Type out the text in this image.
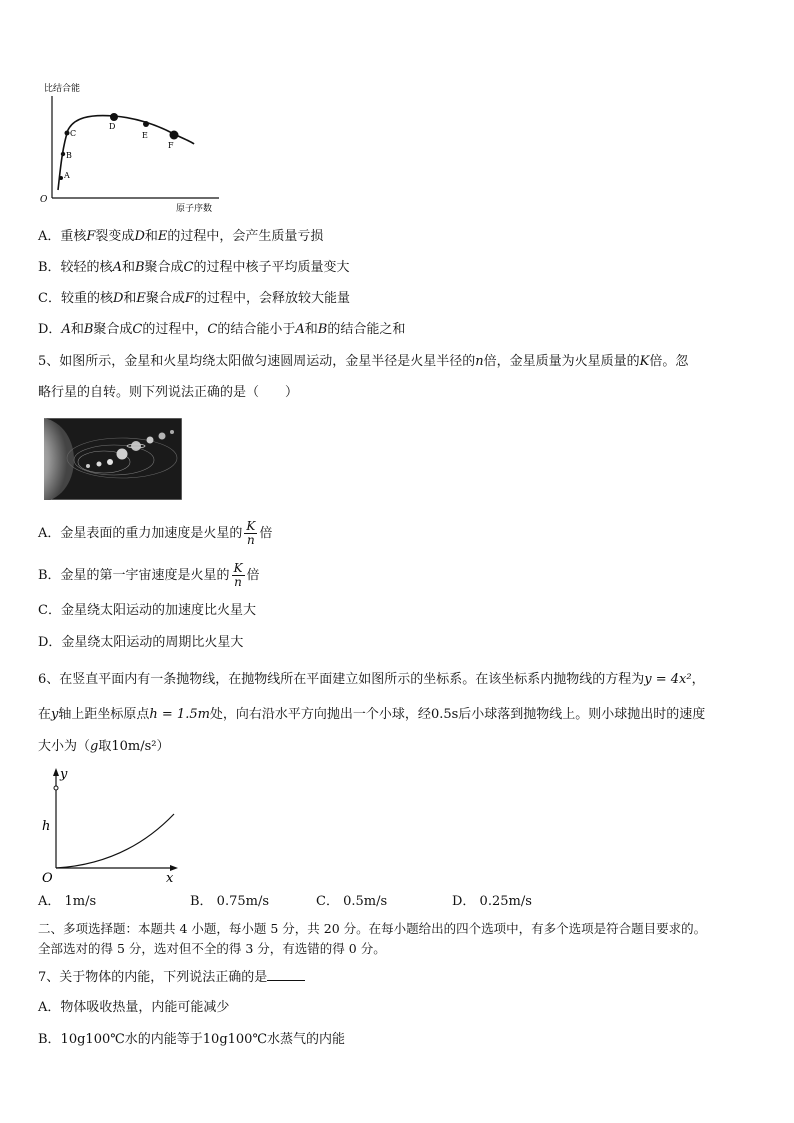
比结合能
O
原子序数
A
B
C
D
E
F
A．重核F裂变成D和E的过程中，会产生质量亏损
B．较轻的核A和B聚合成C的过程中核子平均质量变大
C．较重的核D和E聚合成F的过程中，会释放较大能量
D．A和B聚合成C的过程中，C的结合能小于A和B的结合能之和
5、如图所示，金星和火星均绕太阳做匀速圆周运动，金星半径是火星半径的n倍，金星质量为火星质量的K倍。忽
略行星的自转。则下列说法正确的是（　　）
A．金星表面的重力加速度是火星的 $\frac{K}{n}$ 倍
B．金星的第一宇宙速度是火星的 $\frac{K}{n}$ 倍
C．金星绕太阳运动的加速度比火星大
D．金星绕太阳运动的周期比火星大
6、在竖直平面内有一条抛物线，在抛物线所在平面建立如图所示的坐标系。在该坐标系内抛物线的方程为y = 4x²，
在y轴上距坐标原点h = 1.5m处，向右沿水平方向抛出一个小球，经0.5s后小球落到抛物线上。则小球抛出时的速度
大小为（g取10m/s²）
y
h
O	x
A． 1m/s	B． 0.75m/s	C． 0.5m/s	D． 0.25m/s
二、多项选择题：本题共 4 小题，每小题 5 分，共 20 分。在每小题给出的四个选项中，有多个选项是符合题目要求的。
全部选对的得 5 分，选对但不全的得 3 分，有选错的得 0 分。
7、关于物体的内能，下列说法正确的是
A．物体吸收热量，内能可能减少
B．10g100℃水的内能等于10g100℃水蒸气的内能
